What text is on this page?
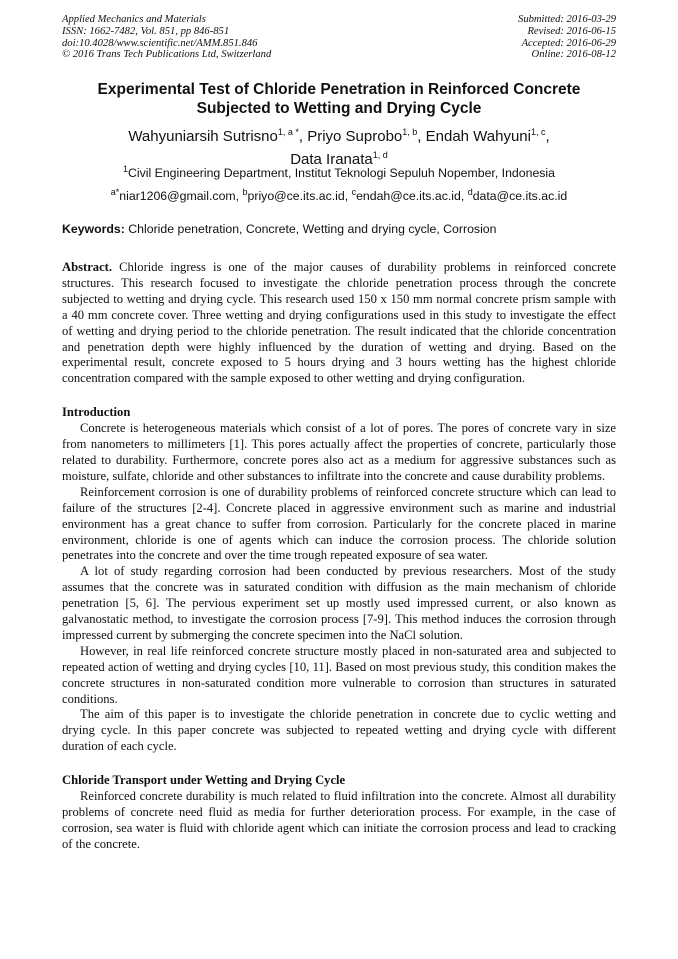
Applied Mechanics and Materials
ISSN: 1662-7482, Vol. 851, pp 846-851
doi:10.4028/www.scientific.net/AMM.851.846
© 2016 Trans Tech Publications Ltd, Switzerland
Submitted: 2016-03-29
Revised: 2016-06-15
Accepted: 2016-06-29
Online: 2016-08-12
Experimental Test of Chloride Penetration in Reinforced Concrete
Subjected to Wetting and Drying Cycle
Wahyuniarsih Sutrisno$^{1, a *}$, Priyo Suprobo$^{1, b}$, Endah Wahyuni$^{1, c}$,
Data Iranata$^{1, d}$
$^1$Civil Engineering Department, Institut Teknologi Sepuluh Nopember, Indonesia
$^{a*}$niar1206@gmail.com, $^b$priyo@ce.its.ac.id, $^c$endah@ce.its.ac.id, $^d$data@ce.its.ac.id
Keywords: Chloride penetration, Concrete, Wetting and drying cycle, Corrosion

Abstract. Chloride ingress is one of the major causes of durability problems in reinforced concrete structures. This research focused to investigate the chloride penetration process through the concrete subjected to wetting and drying cycle. This research used 150 x 150 mm normal concrete prism sample with a 40 mm concrete cover. Three wetting and drying configurations used in this study to investigate the effect of wetting and drying period to the chloride penetration. The result indicated that the chloride concentration and penetration depth were highly influenced by the duration of wetting and drying. Based on the experimental result, concrete exposed to 5 hours drying and 3 hours wetting has the highest chloride concentration compared with the sample exposed to other wetting and drying configuration.

Introduction

Concrete is heterogeneous materials which consist of a lot of pores. The pores of concrete vary in size from nanometers to millimeters [1]. This pores actually affect the properties of concrete, particularly those related to durability. Furthermore, concrete pores also act as a medium for aggressive substances such as moisture, sulfate, chloride and other substances to infiltrate into the concrete and cause durability problems.

Reinforcement corrosion is one of durability problems of reinforced concrete structure which can lead to failure of the structures [2-4]. Concrete placed in aggressive environment such as marine and industrial environment has a great chance to suffer from corrosion. Particularly for the concrete placed in marine environment, chloride is one of agents which can induce the corrosion process. The chloride solution penetrates into the concrete and over the time trough repeated exposure of sea water.

A lot of study regarding corrosion had been conducted by previous researchers. Most of the study assumes that the concrete was in saturated condition with diffusion as the main mechanism of chloride penetration [5, 6]. The pervious experiment set up mostly used impressed current, or also known as galvanostatic method, to investigate the corrosion process [7-9]. This method induces the corrosion through impressed current by submerging the concrete specimen into the NaCl solution.

However, in real life reinforced concrete structure mostly placed in non-saturated area and subjected to repeated action of wetting and drying cycles [10, 11]. Based on most previous study, this condition makes the concrete structures in non-saturated condition more vulnerable to corrosion than structures in saturated conditions.

The aim of this paper is to investigate the chloride penetration in concrete due to cyclic wetting and drying cycle. In this paper concrete was subjected to repeated wetting and drying cycle with different duration of each cycle.

Chloride Transport under Wetting and Drying Cycle

Reinforced concrete durability is much related to fluid infiltration into the concrete. Almost all durability problems of concrete need fluid as media for further deterioration process. For example, in the case of corrosion, sea water is fluid with chloride agent which can initiate the corrosion process and lead to cracking of the concrete.
